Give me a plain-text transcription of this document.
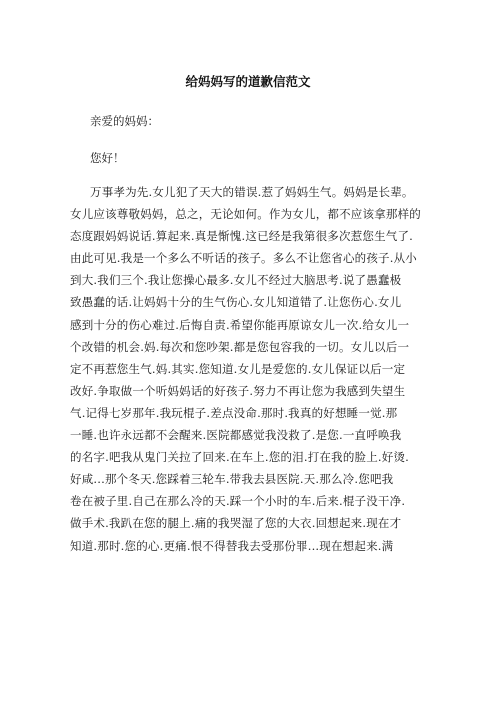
给妈妈写的道歉信范文
亲爱的妈妈：
您好！
万事孝为先.女儿犯了天大的错误.惹了妈妈生气。妈妈是长辈。
女儿应该尊敬妈妈，总之，无论如何。作为女儿，都不应该拿那样的
态度跟妈妈说话.算起来.真是惭愧.这已经是我第很多次惹您生气了.
由此可见.我是一个多么不听话的孩子。多么不让您省心的孩子.从小
到大.我们三个.我让您操心最多.女儿不经过大脑思考.说了愚蠢极
致愚蠢的话.让妈妈十分的生气伤心.女儿知道错了.让您伤心.女儿
感到十分的伤心难过.后悔自责.希望你能再原谅女儿一次.给女儿一
个改错的机会.妈.每次和您吵架.都是您包容我的一切。女儿以后一
定不再惹您生气.妈.其实.您知道.女儿是爱您的.女儿保证以后一定
改好.争取做一个听妈妈话的好孩子.努力不再让您为我感到失望生
气.记得七岁那年.我玩棍子.差点没命.那时.我真的好想睡一觉.那
一睡.也许永远都不会醒来.医院都感觉我没救了.是您.一直呼唤我
的名字.吧我从鬼门关拉了回来.在车上.您的泪.打在我的脸上.好烫.
好咸...那个冬天.您踩着三轮车.带我去县医院.天.那么冷.您吧我
卷在被子里.自己在那么冷的天.踩一个小时的车.后来.棍子没干净.
做手术.我趴在您的腿上.痛的我哭湿了您的大衣.回想起来.现在才
知道.那时.您的心.更痛.恨不得替我去受那份罪...现在想起来.满
